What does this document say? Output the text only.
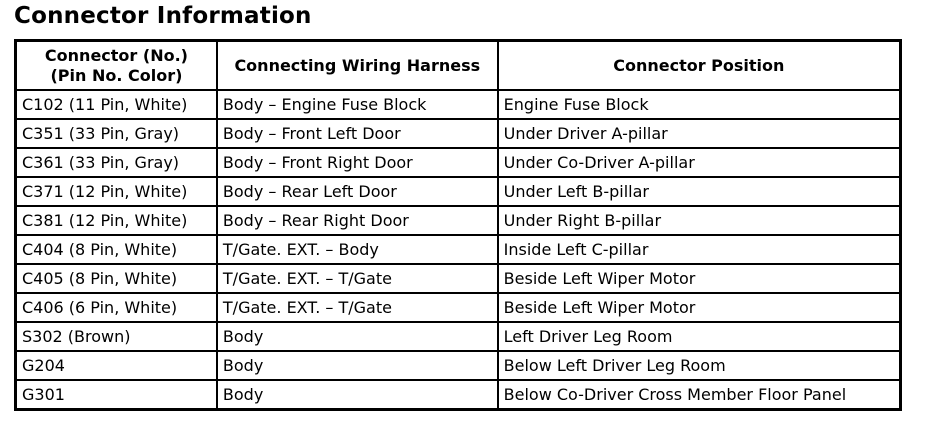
Connector Information
Connector (No.)
(Pin No. Color)	Connecting Wiring Harness	Connector Position
C102 (11 Pin, White)	Body – Engine Fuse Block	Engine Fuse Block
C351 (33 Pin, Gray)	Body – Front Left Door	Under Driver A-pillar
C361 (33 Pin, Gray)	Body – Front Right Door	Under Co-Driver A-pillar
C371 (12 Pin, White)	Body – Rear Left Door	Under Left B-pillar
C381 (12 Pin, White)	Body – Rear Right Door	Under Right B-pillar
C404 (8 Pin, White)	T/Gate. EXT. – Body	Inside Left C-pillar
C405 (8 Pin, White)	T/Gate. EXT. – T/Gate	Beside Left Wiper Motor
C406 (6 Pin, White)	T/Gate. EXT. – T/Gate	Beside Left Wiper Motor
S302 (Brown)	Body	Left Driver Leg Room
G204	Body	Below Left Driver Leg Room
G301	Body	Below Co-Driver Cross Member Floor Panel
